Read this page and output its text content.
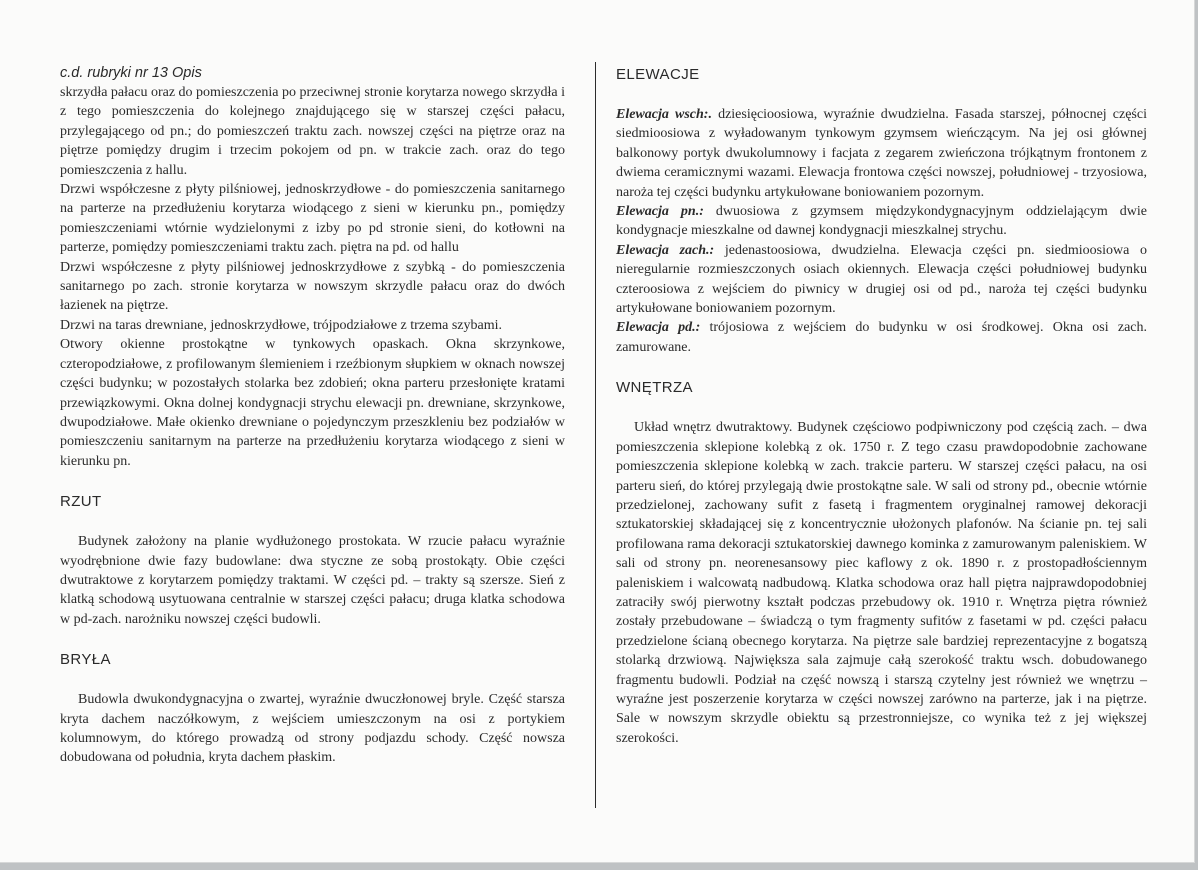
c.d. rubryki nr 13 Opis

skrzydła pałacu oraz do pomieszczenia po przeciwnej stronie korytarza nowego skrzydła i z tego pomieszczenia do kolejnego znajdującego się w starszej części pałacu, przylegającego od pn.; do pomieszczeń traktu zach. nowszej części na piętrze oraz na piętrze pomiędzy drugim i trzecim pokojem od pn. w trakcie zach. oraz do tego pomieszczenia z hallu.

Drzwi współczesne z płyty pilśniowej, jednoskrzydłowe - do pomieszczenia sanitarnego na parterze na przedłużeniu korytarza wiodącego z sieni w kierunku pn., pomiędzy pomieszczeniami wtórnie wydzielonymi z izby po pd stronie sieni, do kotłowni na parterze, pomiędzy pomieszczeniami traktu zach. piętra na pd. od hallu

Drzwi współczesne z płyty pilśniowej jednoskrzydłowe z szybką - do pomieszczenia sanitarnego po zach. stronie korytarza w nowszym skrzydle pałacu oraz do dwóch łazienek na piętrze.

Drzwi na taras drewniane, jednoskrzydłowe, trójpodziałowe z trzema szybami.

Otwory okienne prostokątne w tynkowych opaskach. Okna skrzynkowe, czteropodziałowe, z profilowanym ślemieniem i rzeźbionym słupkiem w oknach nowszej części budynku; w pozostałych stolarka bez zdobień; okna parteru przesłonięte kratami przewiązkowymi. Okna dolnej kondygnacji strychu elewacji pn. drewniane, skrzynkowe, dwupodziałowe. Małe okienko drewniane o pojedynczym przeszkleniu bez podziałów w pomieszczeniu sanitarnym na parterze na przedłużeniu korytarza wiodącego z sieni w kierunku pn.

RZUT

Budynek założony na planie wydłużonego prostokata. W rzucie pałacu wyraźnie wyodrębnione dwie fazy budowlane: dwa styczne ze sobą prostokąty. Obie części dwutraktowe z korytarzem pomiędzy traktami. W części pd. – trakty są szersze. Sień z klatką schodową usytuowana centralnie w starszej części pałacu; druga klatka schodowa w pd-zach. narożniku nowszej części budowli.

BRYŁA

Budowla dwukondygnacyjna o zwartej, wyraźnie dwuczłonowej bryle. Część starsza kryta dachem naczółkowym, z wejściem umieszczonym na osi z portykiem kolumnowym, do którego prowadzą od strony podjazdu schody. Część nowsza dobudowana od południa, kryta dachem płaskim.

ELEWACJE

Elewacja wsch:. dziesięcioosiowa, wyraźnie dwudzielna. Fasada starszej, północnej części siedmioosiowa z wyładowanym tynkowym gzymsem wieńczącym. Na jej osi głównej balkonowy portyk dwukolumnowy i facjata z zegarem zwieńczona trójkątnym frontonem z dwiema ceramicznymi wazami. Elewacja frontowa części nowszej, południowej - trzyosiowa, naroża tej części budynku artykułowane boniowaniem pozornym.

Elewacja pn.: dwuosiowa z gzymsem międzykondygnacyjnym oddzielającym dwie kondygnacje mieszkalne od dawnej kondygnacji mieszkalnej strychu.

Elewacja zach.: jedenastoosiowa, dwudzielna. Elewacja części pn. siedmioosiowa o nieregularnie rozmieszczonych osiach okiennych. Elewacja części południowej budynku czteroosiowa z wejściem do piwnicy w drugiej osi od pd., naroża tej części budynku artykułowane boniowaniem pozornym.

Elewacja pd.: trójosiowa z wejściem do budynku w osi środkowej. Okna osi zach. zamurowane.

WNĘTRZA

Układ wnętrz dwutraktowy. Budynek częściowo podpiwniczony pod częścią zach. – dwa pomieszczenia sklepione kolebką z ok. 1750 r. Z tego czasu prawdopodobnie zachowane pomieszczenia sklepione kolebką w zach. trakcie parteru. W starszej części pałacu, na osi parteru sień, do której przylegają dwie prostokątne sale. W sali od strony pd., obecnie wtórnie przedzielonej, zachowany sufit z fasetą i fragmentem oryginalnej ramowej dekoracji sztukatorskiej składającej się z koncentrycznie ułożonych plafonów. Na ścianie pn. tej sali profilowana rama dekoracji sztukatorskiej dawnego kominka z zamurowanym paleniskiem. W sali od strony pn. neorenesansowy piec kaflowy z ok. 1890 r. z prostopadłościennym paleniskiem i walcowatą nadbudową. Klatka schodowa oraz hall piętra najprawdopodobniej zatraciły swój pierwotny kształt podczas przebudowy ok. 1910 r. Wnętrza piętra również zostały przebudowane – świadczą o tym fragmenty sufitów z fasetami w pd. części pałacu przedzielone ścianą obecnego korytarza. Na piętrze sale bardziej reprezentacyjne z bogatszą stolarką drzwiową. Największa sala zajmuje całą szerokość traktu wsch. dobudowanego fragmentu budowli. Podział na część nowszą i starszą czytelny jest również we wnętrzu – wyraźne jest poszerzenie korytarza w części nowszej zarówno na parterze, jak i na piętrze. Sale w nowszym skrzydle obiektu są przestronniejsze, co wynika też z jej większej szerokości.
